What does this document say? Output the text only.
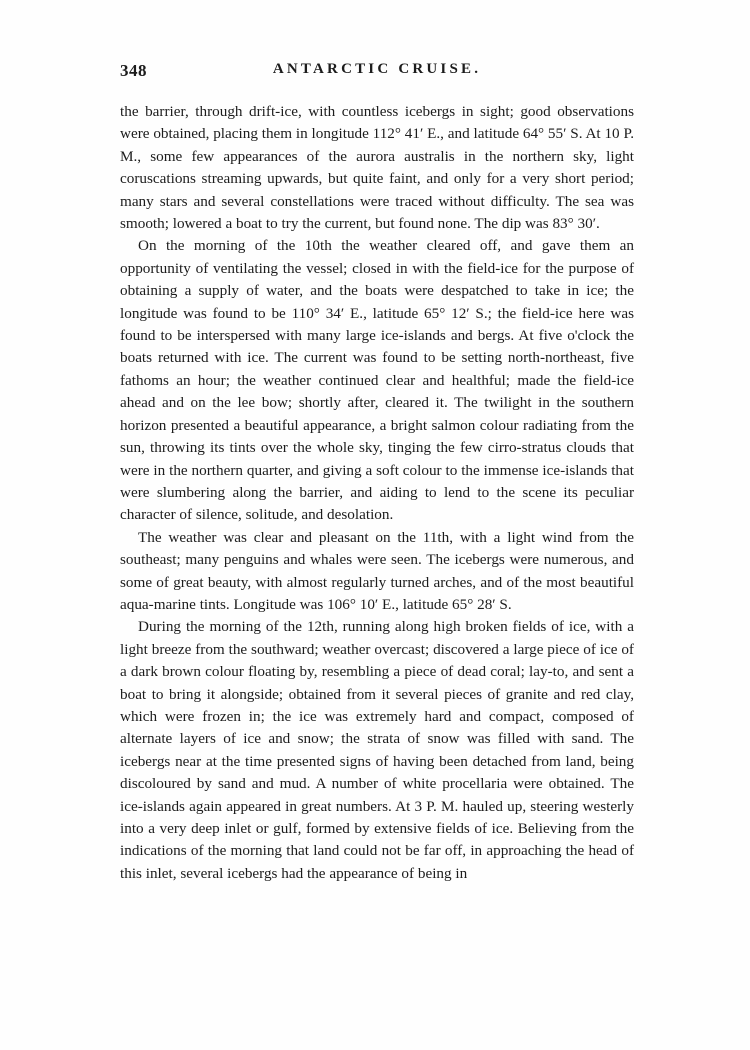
348	ANTARCTIC CRUISE.

the barrier, through drift-ice, with countless icebergs in sight; good observations were obtained, placing them in longitude 112° 41′ E., and latitude 64° 55′ S. At 10 P. M., some few appearances of the aurora australis in the northern sky, light coruscations streaming upwards, but quite faint, and only for a very short period; many stars and several constellations were traced without difficulty. The sea was smooth; lowered a boat to try the current, but found none. The dip was 83° 30′.

On the morning of the 10th the weather cleared off, and gave them an opportunity of ventilating the vessel; closed in with the field-ice for the purpose of obtaining a supply of water, and the boats were despatched to take in ice; the longitude was found to be 110° 34′ E., latitude 65° 12′ S.; the field-ice here was found to be interspersed with many large ice-islands and bergs. At five o'clock the boats returned with ice. The current was found to be setting north-northeast, five fathoms an hour; the weather continued clear and healthful; made the field-ice ahead and on the lee bow; shortly after, cleared it. The twilight in the southern horizon presented a beautiful appearance, a bright salmon colour radiating from the sun, throwing its tints over the whole sky, tinging the few cirro-stratus clouds that were in the northern quarter, and giving a soft colour to the immense ice-islands that were slumbering along the barrier, and aiding to lend to the scene its peculiar character of silence, solitude, and desolation.

The weather was clear and pleasant on the 11th, with a light wind from the southeast; many penguins and whales were seen. The icebergs were numerous, and some of great beauty, with almost regularly turned arches, and of the most beautiful aqua-marine tints. Longitude was 106° 10′ E., latitude 65° 28′ S.

During the morning of the 12th, running along high broken fields of ice, with a light breeze from the southward; weather overcast; discovered a large piece of ice of a dark brown colour floating by, resembling a piece of dead coral; lay-to, and sent a boat to bring it alongside; obtained from it several pieces of granite and red clay, which were frozen in; the ice was extremely hard and compact, composed of alternate layers of ice and snow; the strata of snow was filled with sand. The icebergs near at the time presented signs of having been detached from land, being discoloured by sand and mud. A number of white procellaria were obtained. The ice-islands again appeared in great numbers. At 3 P. M. hauled up, steering westerly into a very deep inlet or gulf, formed by extensive fields of ice. Believing from the indications of the morning that land could not be far off, in approaching the head of this inlet, several icebergs had the appearance of being in
